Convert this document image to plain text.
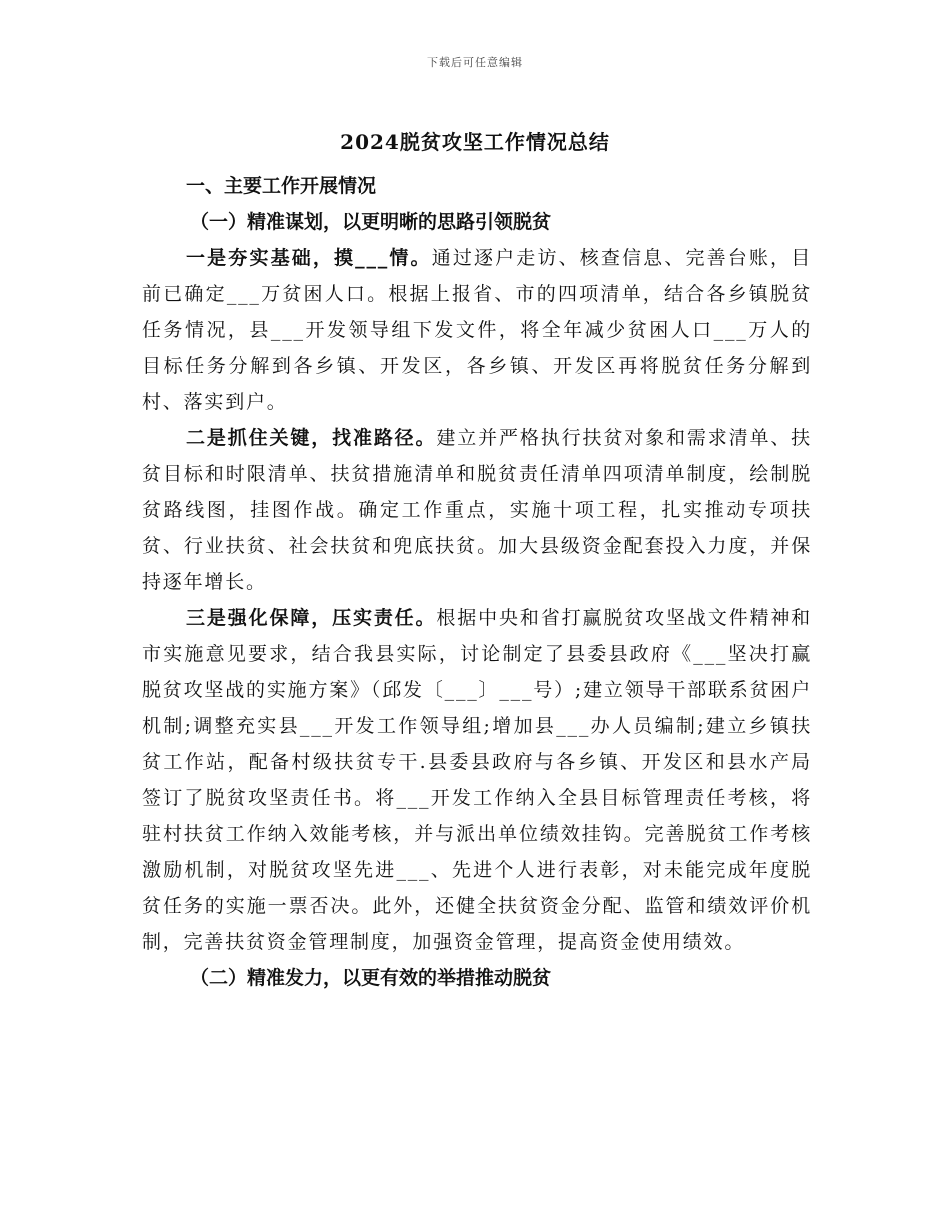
下载后可任意编辑
2024脱贫攻坚工作情况总结
一、主要工作开展情况
（一）精准谋划，以更明晰的思路引领脱贫

一是夯实基础，摸___情。通过逐户走访、核查信息、完善台账，目前已确定___万贫困人口。根据上报省、市的四项清单，结合各乡镇脱贫任务情况，县___开发领导组下发文件，将全年减少贫困人口___万人的目标任务分解到各乡镇、开发区，各乡镇、开发区再将脱贫任务分解到村、落实到户。

二是抓住关键，找准路径。建立并严格执行扶贫对象和需求清单、扶贫目标和时限清单、扶贫措施清单和脱贫责任清单四项清单制度，绘制脱贫路线图，挂图作战。确定工作重点，实施十项工程，扎实推动专项扶贫、行业扶贫、社会扶贫和兜底扶贫。加大县级资金配套投入力度，并保持逐年增长。

三是强化保障，压实责任。根据中央和省打赢脱贫攻坚战文件精神和市实施意见要求，结合我县实际，讨论制定了县委县政府《___坚决打赢脱贫攻坚战的实施方案》（邱发〔___〕___号）;建立领导干部联系贫困户机制;调整充实县___开发工作领导组;增加县___办人员编制;建立乡镇扶贫工作站，配备村级扶贫专干.县委县政府与各乡镇、开发区和县水产局签订了脱贫攻坚责任书。将___开发工作纳入全县目标管理责任考核，将驻村扶贫工作纳入效能考核，并与派出单位绩效挂钩。完善脱贫工作考核激励机制，对脱贫攻坚先进___、先进个人进行表彰，对未能完成年度脱贫任务的实施一票否决。此外，还健全扶贫资金分配、监管和绩效评价机制，完善扶贫资金管理制度，加强资金管理，提高资金使用绩效。

（二）精准发力，以更有效的举措推动脱贫
